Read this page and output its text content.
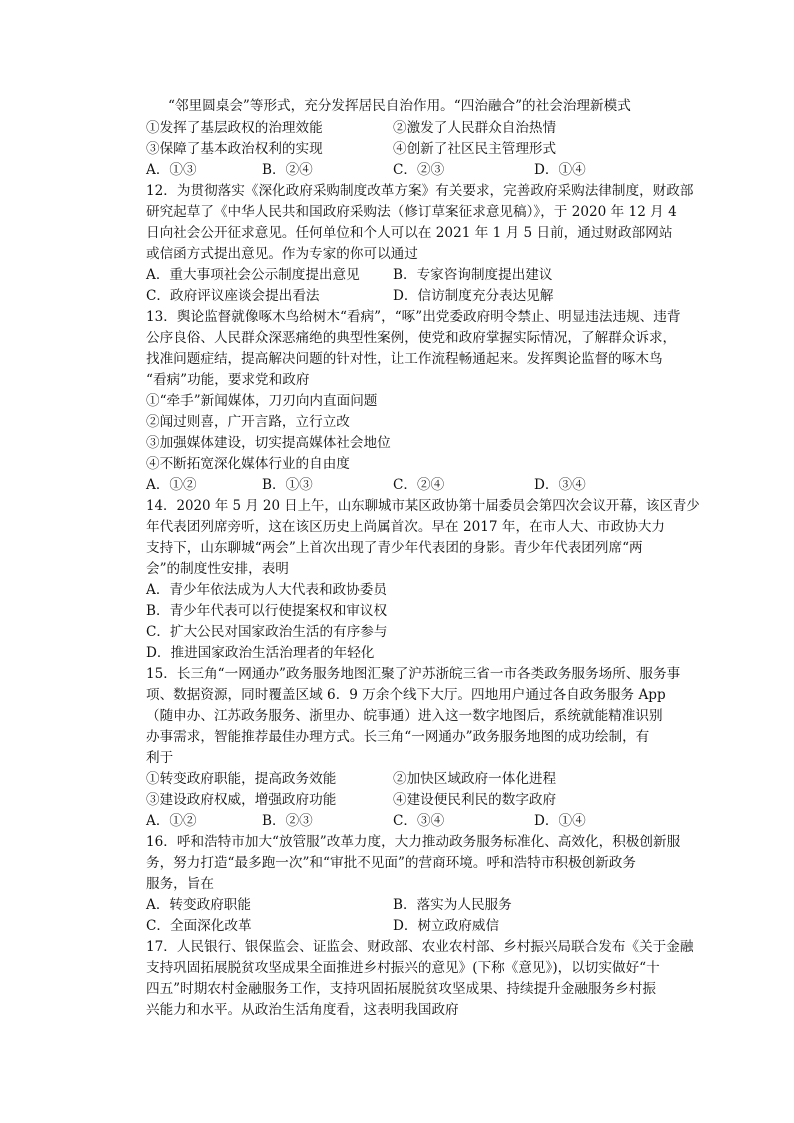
“邻里圆桌会”等形式，充分发挥居民自治作用。“四治融合”的社会治理新模式
①发挥了基层政权的治理效能	②激发了人民群众自治热情
③保障了基本政治权利的实现	④创新了社区民主管理形式
A．①③	B．②④	C．②③	D．①④
12．为贯彻落实《深化政府采购制度改革方案》有关要求，完善政府采购法律制度，财政部
研究起草了《中华人民共和国政府采购法（修订草案征求意见稿）》，于 2020 年 12 月 4
日向社会公开征求意见。任何单位和个人可以在 2021 年 1 月 5 日前，通过财政部网站
或信函方式提出意见。作为专家的你可以通过
A．重大事项社会公示制度提出意见 B．专家咨询制度提出建议
C．政府评议座谈会提出看法	D．信访制度充分表达见解
13．舆论监督就像啄木鸟给树木“看病”，“啄”出党委政府明令禁止、明显违法违规、违背
公序良俗、人民群众深恶痛绝的典型性案例，使党和政府掌握实际情况，了解群众诉求，
找准问题症结，提高解决问题的针对性，让工作流程畅通起来。发挥舆论监督的啄木鸟
“看病”功能，要求党和政府
①“牵手”新闻媒体，刀刃向内直面问题
②闻过则喜，广开言路，立行立改
③加强媒体建设，切实提高媒体社会地位
④不断拓宽深化媒体行业的自由度
A．①②	B．①③	C．②④	D．③④
14．2020 年 5 月 20 日上午，山东聊城市某区政协第十届委员会第四次会议开幕，该区青少
年代表团列席旁听，这在该区历史上尚属首次。早在 2017 年，在市人大、市政协大力
支持下，山东聊城“两会”上首次出现了青少年代表团的身影。青少年代表团列席“两
会”的制度性安排，表明
A．青少年依法成为人大代表和政协委员
B．青少年代表可以行使提案权和审议权
C．扩大公民对国家政治生活的有序参与
D．推进国家政治生活治理者的年轻化
15．长三角“一网通办”政务服务地图汇聚了沪苏浙皖三省一市各类政务服务场所、服务事
项、数据资源，同时覆盖区域 6．9 万余个线下大厅。四地用户通过各自政务服务 App
（随申办、江苏政务服务、浙里办、皖事通）进入这一数字地图后，系统就能精准识别
办事需求，智能推荐最佳办理方式。长三角“一网通办”政务服务地图的成功绘制，有
利于
①转变政府职能，提高政务效能	②加快区域政府一体化进程
③建设政府权威，增强政府功能	④建设便民利民的数字政府
A．①②	B．②③	C．③④	D．①④
16．呼和浩特市加大“放管服”改革力度，大力推动政务服务标准化、高效化，积极创新服
务，努力打造“最多跑一次”和“审批不见面”的营商环境。呼和浩特市积极创新政务
服务，旨在
A．转变政府职能	B．落实为人民服务
C．全面深化改革	D．树立政府威信
17．人民银行、银保监会、证监会、财政部、农业农村部、乡村振兴局联合发布《关于金融
支持巩固拓展脱贫攻坚成果全面推进乡村振兴的意见》(下称《意见》)，以切实做好“十
四五”时期农村金融服务工作，支持巩固拓展脱贫攻坚成果、持续提升金融服务乡村振
兴能力和水平。从政治生活角度看，这表明我国政府
